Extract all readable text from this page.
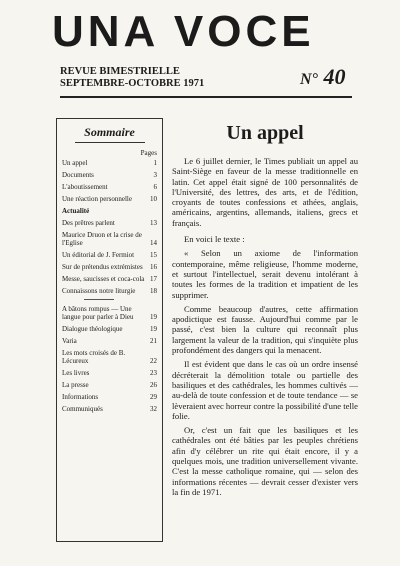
UNA VOCE
REVUE BIMESTRIELLE
SEPTEMBRE-OCTOBRE 1971	N° 40
Sommaire
Pages
Un appel	1
Documents	3
L'aboutissement	6
Une réaction personnelle	10
Actualité
Des prêtres parlent	13
Maurice Druon et la crise de l'Eglise	14
Un éditorial de J. Fermiot 15
Sur de prétendus extrémistes 16
Messe, saucisses et coca-cola 17
Connaissons notre liturgie 18
A bâtons rompus — Une langue pour parler à Dieu 19
Dialogue théologique	19
Varia	21
Les mots croisés de B. Lécureux	22
Les livres	23
La presse	26
Informations	29
Communiqués	32
Un appel

Le 6 juillet dernier, le Times publiait un appel au Saint-Siège en faveur de la messe traditionnelle en latin. Cet appel était signé de 100 personnalités de l'Université, des lettres, des arts, et de l'édition, croyants de toutes confessions et athées, anglais, américains, argentins, allemands, italiens, grecs et français.

En voici le texte :

« Selon un axiome de l'information contemporaine, même religieuse, l'homme moderne, et surtout l'intellectuel, serait devenu intolérant à toutes les formes de la tradition et impatient de les supprimer.

Comme beaucoup d'autres, cette affirmation apodictique est fausse. Aujourd'hui comme par le passé, c'est bien la culture qui reconnaît plus largement la valeur de la tradition, qui s'inquiète plus profondément des dangers qui la menacent.

Il est évident que dans le cas où un ordre insensé décréterait la démolition totale ou partielle des basiliques et des cathédrales, les hommes cultivés — au-delà de toute confession et de toute tendance — se lèveraient avec horreur contre la possibilité d'une telle folie.

Or, c'est un fait que les basiliques et les cathédrales ont été bâties par les peuples chrétiens afin d'y célébrer un rite qui était encore, il y a quelques mois, une tradition universellement vivante. C'est la messe catholique romaine, qui — selon des informations récentes — devrait cesser d'exister vers la fin de 1971.
